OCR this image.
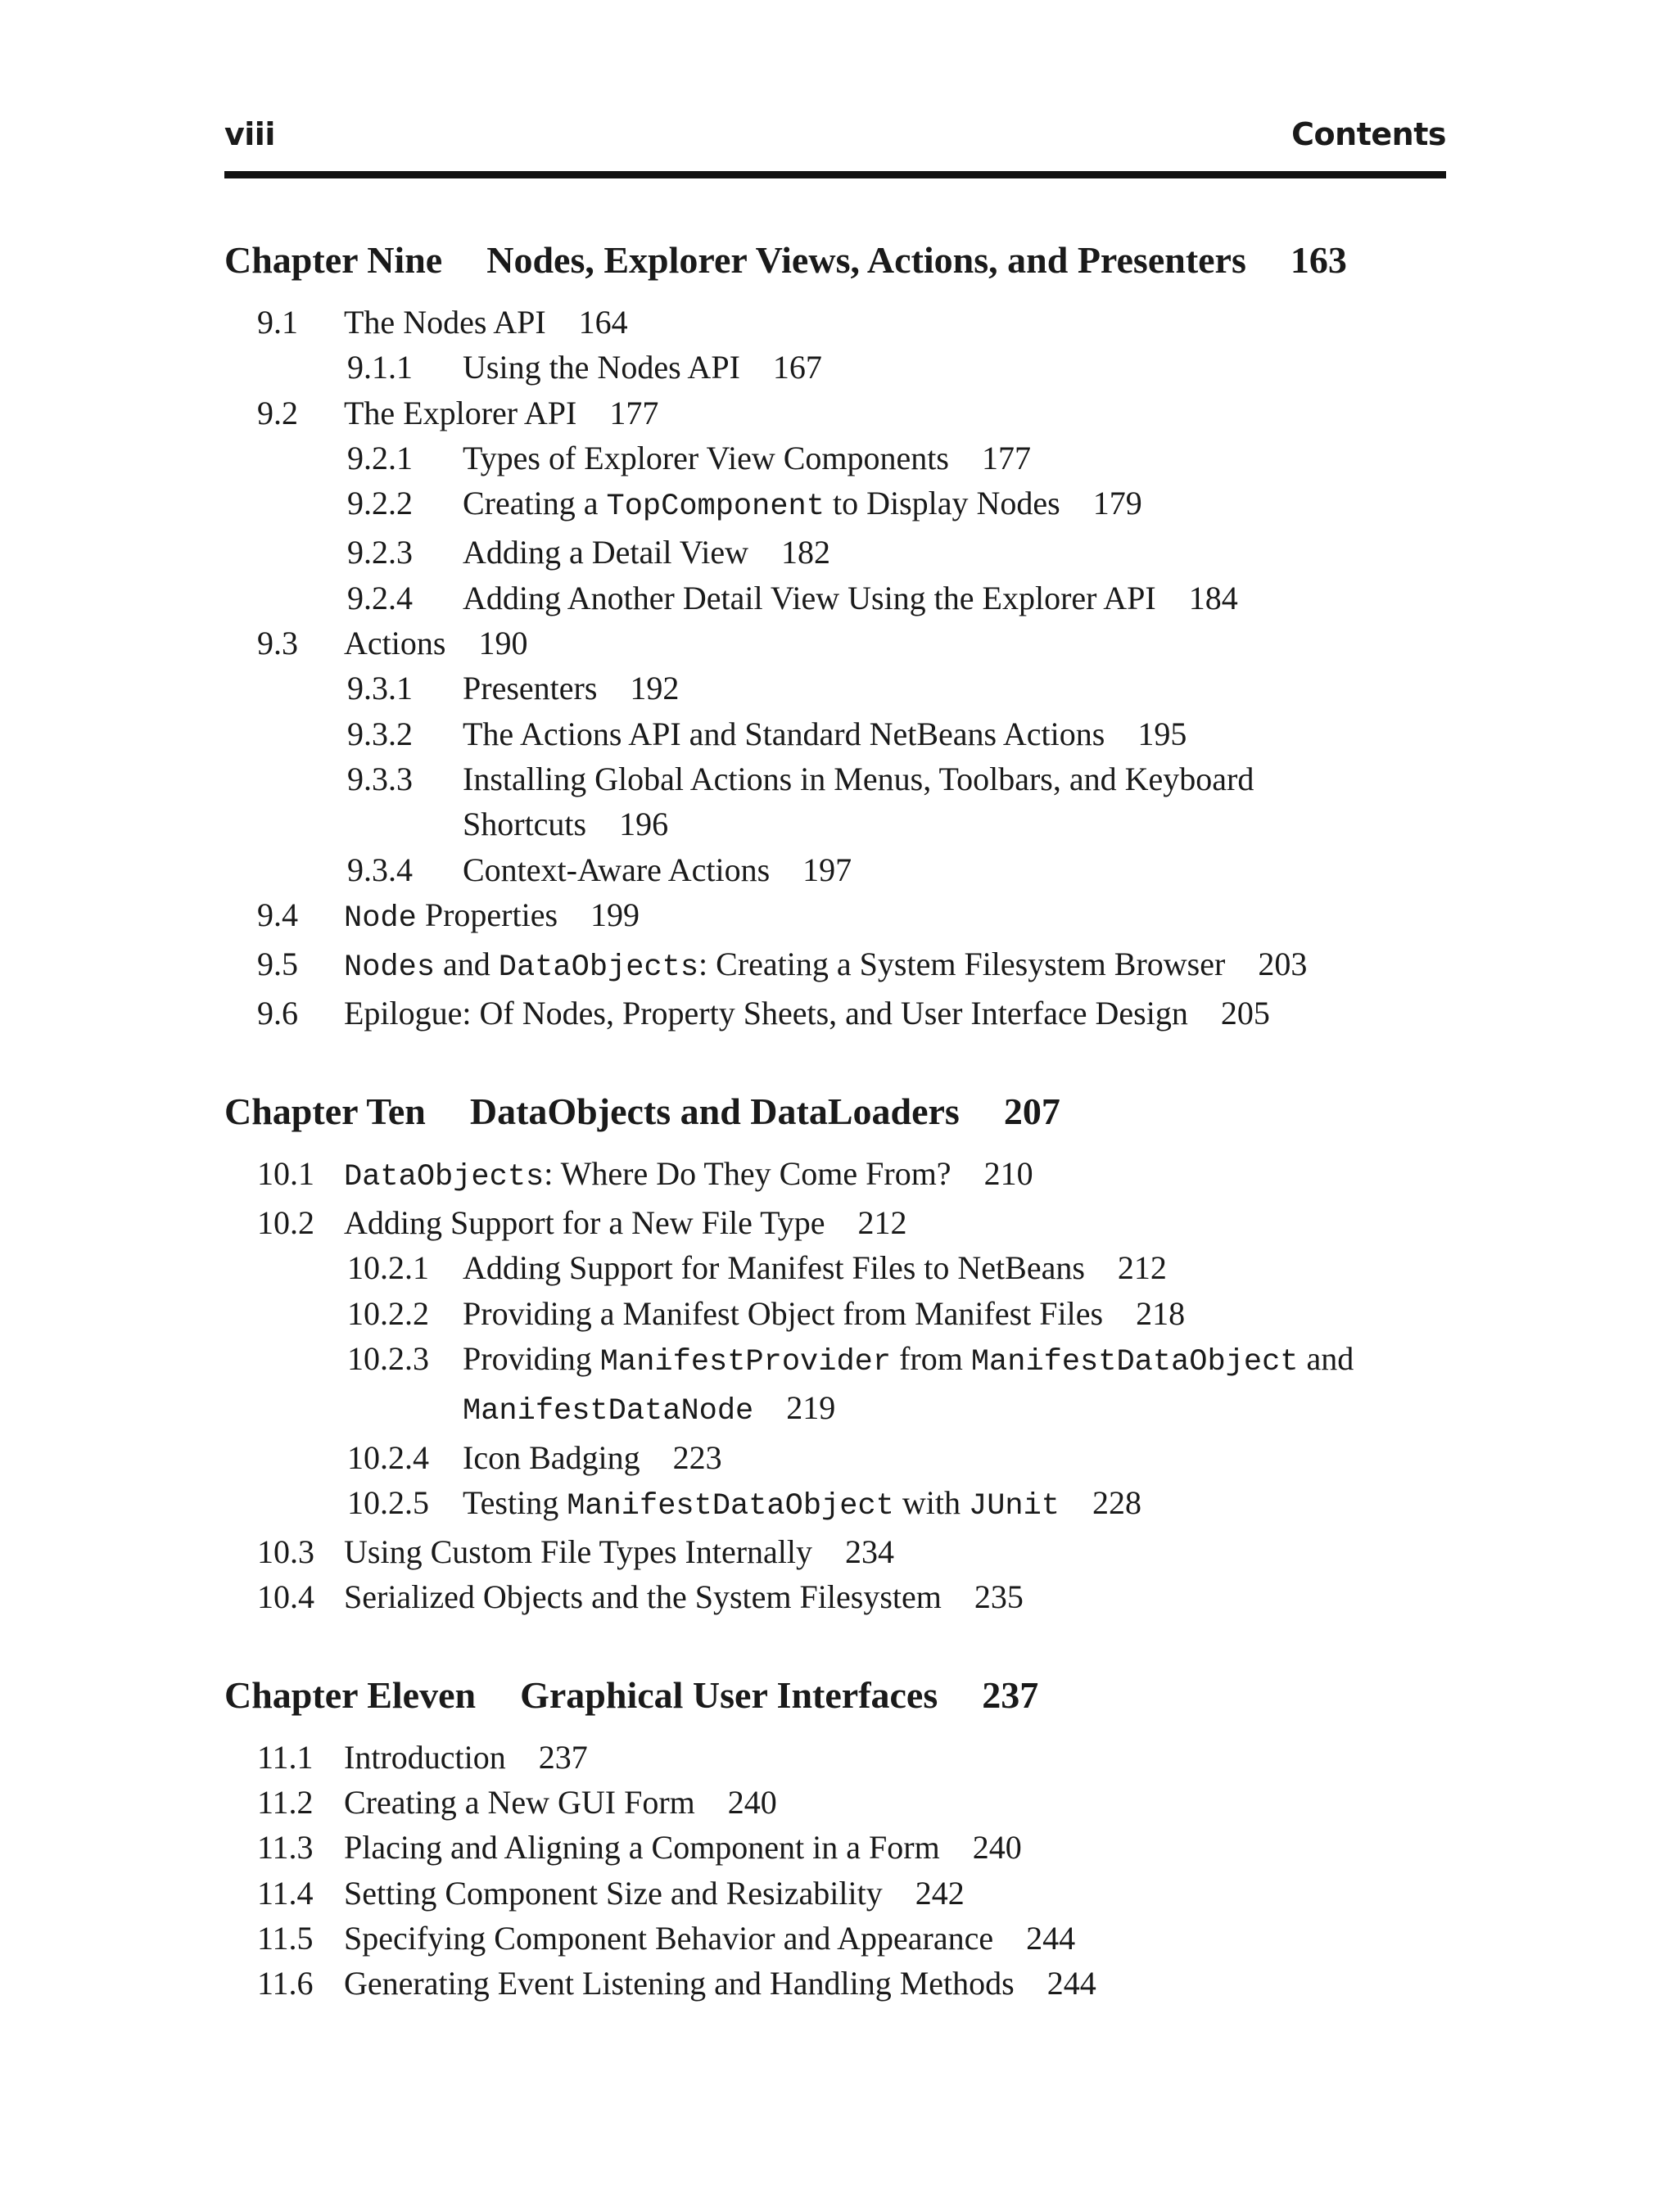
viii	Contents
Chapter Nine Nodes, Explorer Views, Actions, and Presenters 163
9.1 The Nodes API 164
9.1.1 Using the Nodes API 167
9.2 The Explorer API 177
9.2.1 Types of Explorer View Components 177
9.2.2 Creating a TopComponent to Display Nodes 179
9.2.3 Adding a Detail View 182
9.2.4 Adding Another Detail View Using the Explorer API 184
9.3 Actions 190
9.3.1 Presenters 192
9.3.2 The Actions API and Standard NetBeans Actions 195
9.3.3 Installing Global Actions in Menus, Toolbars, and Keyboard Shortcuts 196
9.3.4 Context-Aware Actions 197
9.4 Node Properties 199
9.5 Nodes and DataObjects: Creating a System Filesystem Browser 203
9.6 Epilogue: Of Nodes, Property Sheets, and User Interface Design 205
Chapter Ten DataObjects and DataLoaders 207
10.1 DataObjects: Where Do They Come From? 210
10.2 Adding Support for a New File Type 212
10.2.1 Adding Support for Manifest Files to NetBeans 212
10.2.2 Providing a Manifest Object from Manifest Files 218
10.2.3 Providing ManifestProvider from ManifestDataObject and ManifestDataNode 219
10.2.4 Icon Badging 223
10.2.5 Testing ManifestDataObject with JUnit 228
10.3 Using Custom File Types Internally 234
10.4 Serialized Objects and the System Filesystem 235
Chapter Eleven Graphical User Interfaces 237
11.1 Introduction 237
11.2 Creating a New GUI Form 240
11.3 Placing and Aligning a Component in a Form 240
11.4 Setting Component Size and Resizability 242
11.5 Specifying Component Behavior and Appearance 244
11.6 Generating Event Listening and Handling Methods 244
